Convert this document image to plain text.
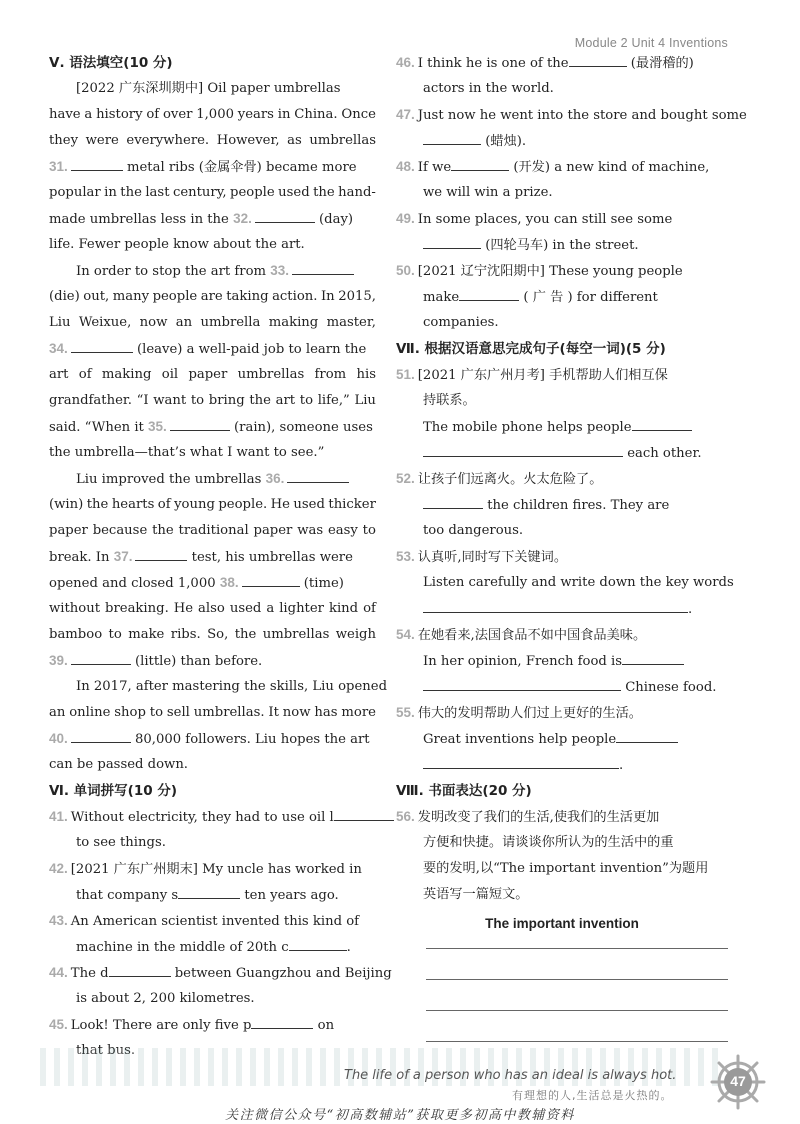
Module 2 Unit 4 Inventions
Ⅴ. 语法填空(10 分)
[2022 广东深圳期中] Oil paper umbrellas
have a history of over 1,000 years in China. Once
they were everywhere. However, as umbrellas
31.	metal ribs (金属伞骨) became more
popular in the last century, people used the hand-
made umbrellas less in the 32.	(day)
life. Fewer people know about the art.
In order to stop the art from 33.
(die) out, many people are taking action. In 2015,
Liu Weixue, now an umbrella making master,
34.	(leave) a well-paid job to learn the
art of making oil paper umbrellas from his
grandfather. “I want to bring the art to life,” Liu
said. “When it 35.	(rain), someone uses
the umbrella—that’s what I want to see.”
Liu improved the umbrellas 36.
(win) the hearts of young people. He used thicker
paper because the traditional paper was easy to
break. In 37.	test, his umbrellas were
opened and closed 1,000 38.	(time)
without breaking. He also used a lighter kind of
bamboo to make ribs. So, the umbrellas weigh
39.	(little) than before.
In 2017, after mastering the skills, Liu opened
an online shop to sell umbrellas. It now has more
40.	80,000 followers. Liu hopes the art
can be passed down.
Ⅵ. 单词拼写(10 分)
41. Without electricity, they had to use oil l
to see things.
42. [2021 广东广州期末] My uncle has worked in
that company s	ten years ago.
43. An American scientist invented this kind of
machine in the middle of 20th c	.
44. The d	between Guangzhou and Beijing
is about 2, 200 kilometres.
45. Look! There are only five p	on
that bus.
46. I think he is one of the	(最滑稽的)
actors in the world.
47. Just now he went into the store and bought some
(蜡烛).
48. If we	(开发) a new kind of machine,
we will win a prize.
49. In some places, you can still see some
(四轮马车) in the street.
50. [2021 辽宁沈阳期中] These young people
make	( 广 告 ) for different
companies.
Ⅶ. 根据汉语意思完成句子(每空一词)(5 分)
51. [2021 广东广州月考] 手机帮助人们相互保
持联系。
The mobile phone helps people
each other.
52. 让孩子们远离火。火太危险了。
the children fires. They are
too dangerous.
53. 认真听,同时写下关键词。
Listen carefully and write down the key words
.
54. 在她看来,法国食品不如中国食品美味。
In her opinion, French food is
Chinese food.
55. 伟大的发明帮助人们过上更好的生活。
Great inventions help people
.
Ⅷ. 书面表达(20 分)
56. 发明改变了我们的生活,使我们的生活更加
方便和快捷。请谈谈你所认为的生活中的重
要的发明,以“The important invention”为题用
英语写一篇短文。
The important invention
The life of a person who has an ideal is always hot.
有理想的人,生活总是火热的。
47
关注微信公众号“初高数辅站”获取更多初高中教辅资料
